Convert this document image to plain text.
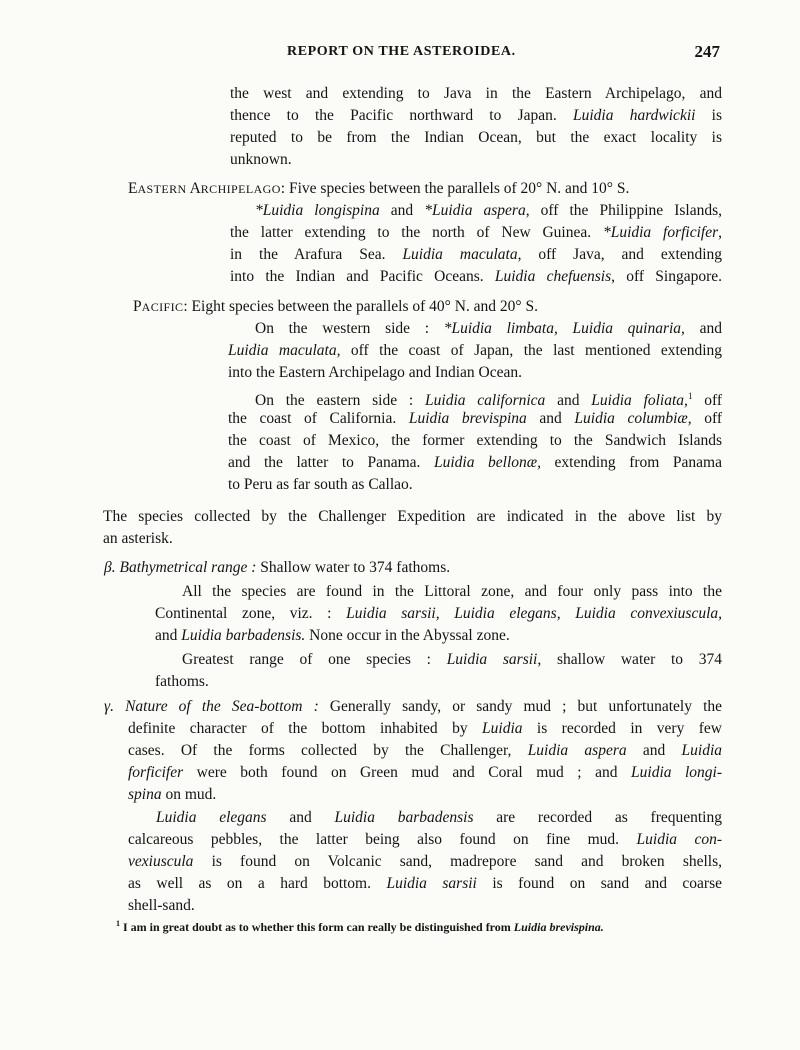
REPORT ON THE ASTEROIDEA.	247
the west and extending to Java in the Eastern Archipelago, and
thence to the Pacific northward to Japan. Luidia hardwickii is
reputed to be from the Indian Ocean, but the exact locality is
unknown.
EASTERN ARCHIPELAGO: Five species between the parallels of 20° N. and 10° S.
*Luidia longispina and *Luidia aspera, off the Philippine Islands,
the latter extending to the north of New Guinea. *Luidia forficifer,
in the Arafura Sea. Luidia maculata, off Java, and extending
into the Indian and Pacific Oceans. Luidia chefuensis, off Singapore.
PACIFIC: Eight species between the parallels of 40° N. and 20° S.
On the western side : *Luidia limbata, Luidia quinaria, and
Luidia maculata, off the coast of Japan, the last mentioned extending
into the Eastern Archipelago and Indian Ocean.
On the eastern side : Luidia californica and Luidia foliata,$^1$ off
the coast of California. Luidia brevispina and Luidia columbiæ, off
the coast of Mexico, the former extending to the Sandwich Islands
and the latter to Panama. Luidia bellonæ, extending from Panama
to Peru as far south as Callao.
The species collected by the Challenger Expedition are indicated in the above list by
an asterisk.
β. Bathymetrical range : Shallow water to 374 fathoms.
All the species are found in the Littoral zone, and four only pass into the
Continental zone, viz. : Luidia sarsii, Luidia elegans, Luidia convexiuscula,
and Luidia barbadensis. None occur in the Abyssal zone.
Greatest range of one species : Luidia sarsii, shallow water to 374
fathoms.
γ. Nature of the Sea-bottom : Generally sandy, or sandy mud ; but unfortunately the
definite character of the bottom inhabited by Luidia is recorded in very few
cases. Of the forms collected by the Challenger, Luidia aspera and Luidia
forficifer were both found on Green mud and Coral mud ; and Luidia longi-
spina on mud.
Luidia elegans and Luidia barbadensis are recorded as frequenting
calcareous pebbles, the latter being also found on fine mud. Luidia con-
vexiuscula is found on Volcanic sand, madrepore sand and broken shells,
as well as on a hard bottom. Luidia sarsii is found on sand and coarse
shell-sand.
$^1$ I am in great doubt as to whether this form can really be distinguished from Luidia brevispina.
